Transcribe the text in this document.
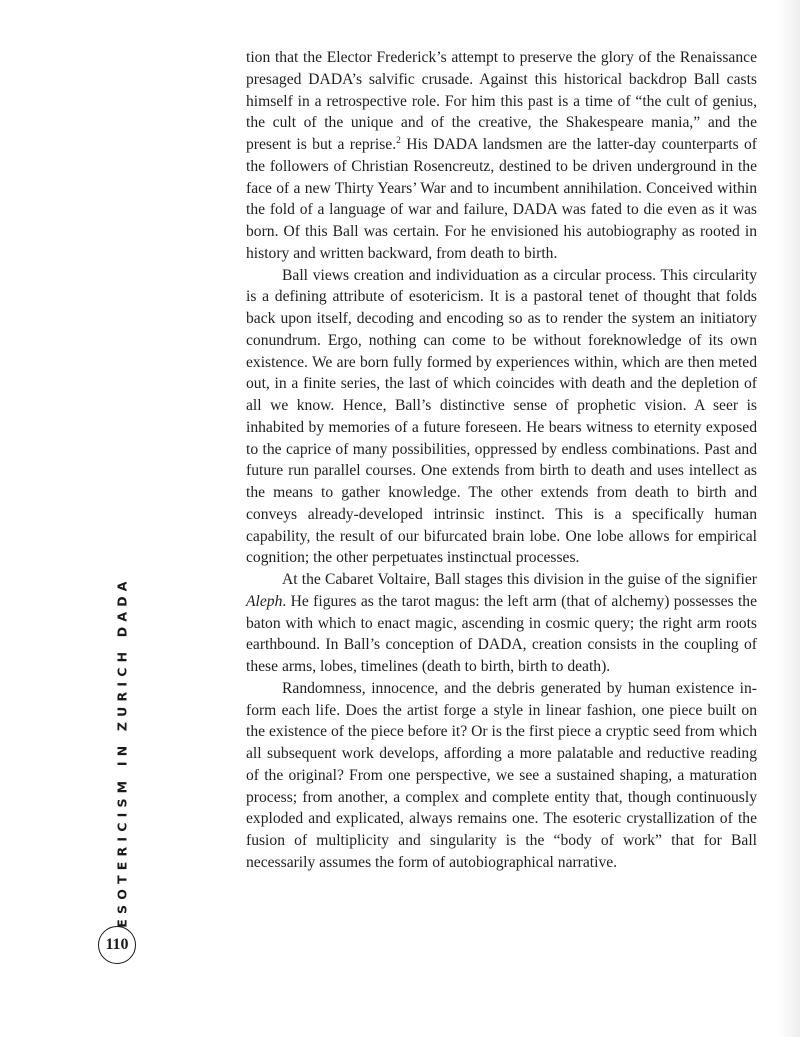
ESOTERICISM IN ZURICH DADA

tion that the Elector Frederick’s attempt to preserve the glory of the Renaissance presaged DADA’s salvific crusade. Against this historical backdrop Ball casts himself in a retrospective role. For him this past is a time of “the cult of genius, the cult of the unique and of the creative, the Shakespeare mania,” and the present is but a reprise.$^2$ His DADA landsmen are the latter-day counterparts of the followers of Christian Rosencreutz, destined to be driven underground in the face of a new Thirty Years’ War and to incumbent annihilation. Conceived within the fold of a language of war and failure, DADA was fated to die even as it was born. Of this Ball was certain. For he envisioned his autobiography as rooted in history and written backward, from death to birth.

Ball views creation and individuation as a circular process. This circularity is a defining attribute of esotericism. It is a pastoral tenet of thought that folds back upon itself, decoding and encoding so as to render the system an initiatory conundrum. Ergo, nothing can come to be without foreknowledge of its own existence. We are born fully formed by experiences within, which are then meted out, in a finite series, the last of which coincides with death and the depletion of all we know. Hence, Ball’s distinctive sense of prophetic vision. A seer is inhabited by memories of a future foreseen. He bears witness to eternity exposed to the caprice of many possibilities, oppressed by endless combinations. Past and future run parallel courses. One extends from birth to death and uses intellect as the means to gather knowledge. The other extends from death to birth and conveys already-developed intrinsic instinct. This is a specifically human capability, the result of our bifurcated brain lobe. One lobe allows for empirical cognition; the other perpetuates instinctual processes.

At the Cabaret Voltaire, Ball stages this division in the guise of the signifier Aleph. He figures as the tarot magus: the left arm (that of alchemy) possesses the baton with which to enact magic, ascending in cosmic query; the right arm roots earthbound. In Ball’s conception of DADA, creation consists in the coupling of these arms, lobes, timelines (death to birth, birth to death).

Randomness, innocence, and the debris generated by human existence inform each life. Does the artist forge a style in linear fashion, one piece built on the existence of the piece before it? Or is the first piece a cryptic seed from which all subsequent work develops, affording a more palatable and reductive reading of the original? From one perspective, we see a sustained shaping, a maturation process; from another, a complex and complete entity that, though continuously exploded and explicated, always remains one. The esoteric crystallization of the fusion of multiplicity and singularity is the “body of work” that for Ball necessarily assumes the form of autobiographical narrative.

110
